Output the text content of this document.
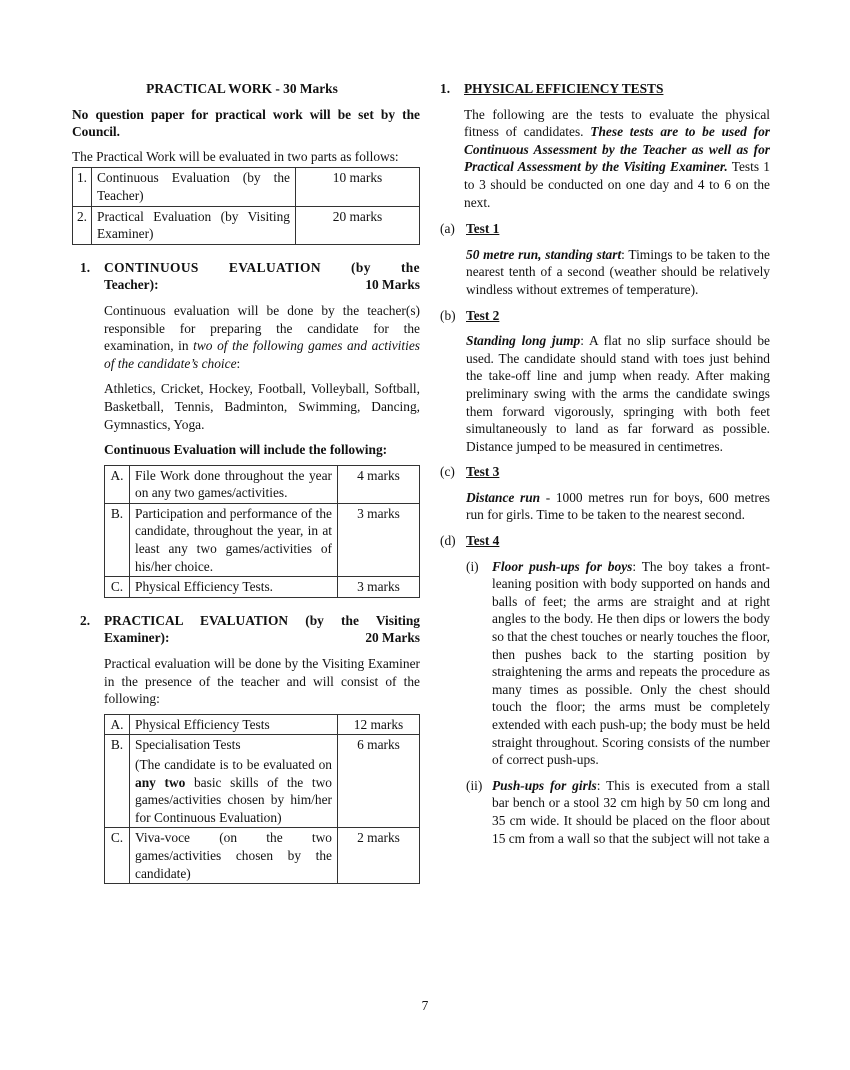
PRACTICAL WORK - 30 Marks

No question paper for practical work will be set by the Council.

The Practical Work will be evaluated in two parts as follows:

1.	Continuous Evaluation (by the Teacher)	10 marks
2.	Practical Evaluation (by Visiting Examiner)	20 marks
1.	CONTINUOUS EVALUATION (by the

Teacher):	10 Marks

Continuous evaluation will be done by the teacher(s) responsible for preparing the candidate for the examination, in two of the following games and activities of the candidate’s choice:

Athletics, Cricket, Hockey, Football, Volleyball, Softball, Basketball, Tennis, Badminton, Swimming, Dancing, Gymnastics, Yoga.

Continuous Evaluation will include the following:

A.	File Work done throughout the year on any two games/activities.	4 marks
B.	Participation and performance of the candidate, throughout the year, in at least any two games/activities of his/her choice.	3 marks
C.	Physical Efficiency Tests.	3 marks
2.	PRACTICAL EVALUATION (by the Visiting

Examiner):	20 Marks

Practical evaluation will be done by the Visiting Examiner in the presence of the teacher and will consist of the following:

A.	Physical Efficiency Tests	12 marks
B.	Specialisation Tests
(The candidate is to be evaluated on any two basic skills of the two games/activities chosen by him/her for Continuous Evaluation)	6 marks
C.	Viva-voce (on the two games/activities chosen by the candidate)	2 marks
1.	PHYSICAL EFFICIENCY TESTS

The following are the tests to evaluate the physical fitness of candidates. These tests are to be used for Continuous Assessment by the Teacher as well as for Practical Assessment by the Visiting Examiner. Tests 1 to 3 should be conducted on one day and 4 to 6 on the next.

(a) Test 1

50 metre run, standing start: Timings to be taken to the nearest tenth of a second (weather should be relatively windless without extremes of temperature).

(b) Test 2

Standing long jump: A flat no slip surface should be used. The candidate should stand with toes just behind the take-off line and jump when ready. After making preliminary swing with the arms the candidate swings them forward vigorously, springing with both feet simultaneously to land as far forward as possible. Distance jumped to be measured in centimetres.

(c) Test 3

Distance run - 1000 metres run for boys, 600 metres run for girls. Time to be taken to the nearest second.

(d) Test 4
(i) Floor push-ups for boys: The boy takes a front-leaning position with body supported on hands and balls of feet; the arms are straight and at right angles to the body. He then dips or lowers the body so that the chest touches or nearly touches the floor, then pushes back to the starting position by straightening the arms and repeats the procedure as many times as possible. Only the chest should touch the floor; the arms must be completely extended with each push-up; the body must be held straight throughout. Scoring consists of the number of correct push-ups.

(ii) Push-ups for girls: This is executed from a stall bar bench or a stool 32 cm high by 50 cm long and 35 cm wide. It should be placed on the floor about 15 cm from a wall so that the subject will not take a

7
